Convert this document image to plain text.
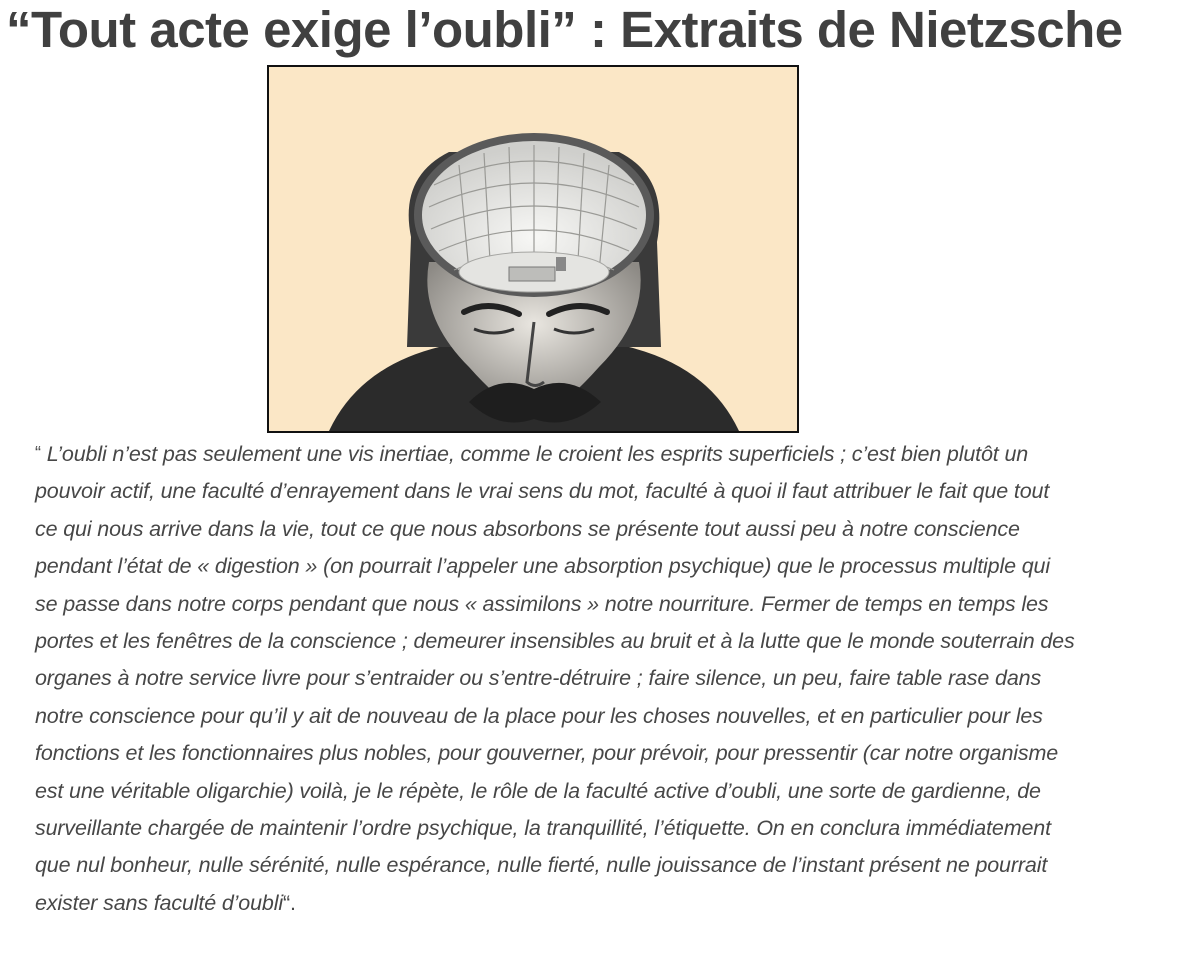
“Tout acte exige l’oubli” : Extraits de Nietzsche

“ L’oubli n’est pas seulement une vis inertiae, comme le croient les esprits superficiels ; c’est bien plutôt un pouvoir actif, une faculté d’enrayement dans le vrai sens du mot, faculté à quoi il faut attribuer le fait que tout ce qui nous arrive dans la vie, tout ce que nous absorbons se présente tout aussi peu à notre conscience pendant l’état de « digestion » (on pourrait l’appeler une absorption psychique) que le processus multiple qui se passe dans notre corps pendant que nous « assimilons » notre nourriture. Fermer de temps en temps les portes et les fenêtres de la conscience ; demeurer insensibles au bruit et à la lutte que le monde souterrain des organes à notre service livre pour s’entraider ou s’entre-détruire ; faire silence, un peu, faire table rase dans notre conscience pour qu’il y ait de nouveau de la place pour les choses nouvelles, et en particulier pour les fonctions et les fonctionnaires plus nobles, pour gouverner, pour prévoir, pour pressentir (car notre organisme est une véritable oligarchie) voilà, je le répète, le rôle de la faculté active d’oubli, une sorte de gardienne, de surveillante chargée de maintenir l’ordre psychique, la tranquillité, l’étiquette. On en conclura immédiatement que nul bonheur, nulle sérénité, nulle espérance, nulle fierté, nulle jouissance de l’instant présent ne pourrait exister sans faculté d’oubli“.
